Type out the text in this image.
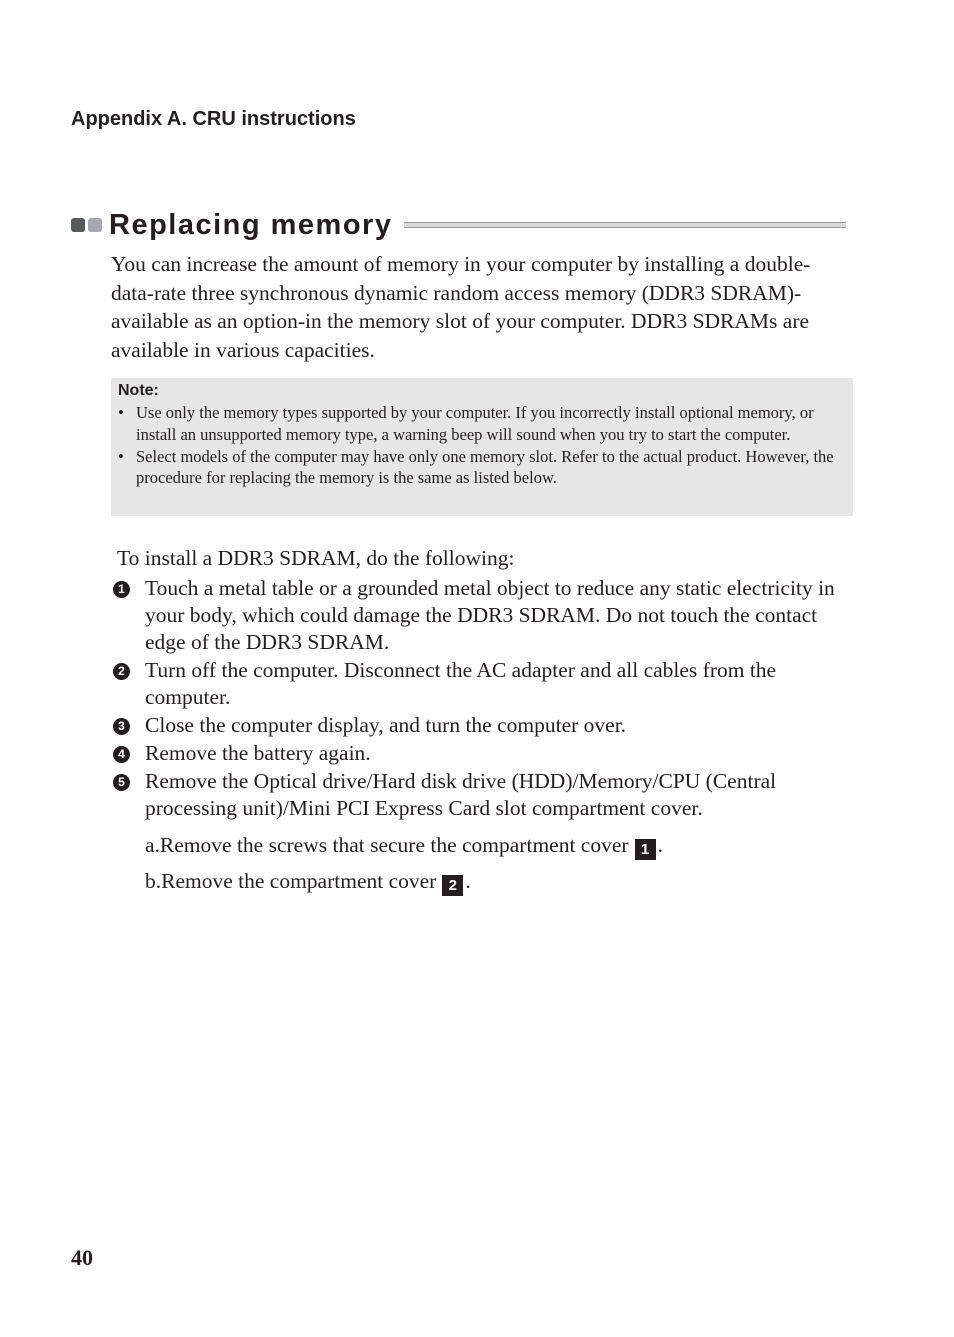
Appendix A. CRU instructions
Replacing memory

You can increase the amount of memory in your computer by installing a double-data-rate three synchronous dynamic random access memory (DDR3 SDRAM)-available as an option-in the memory slot of your computer. DDR3 SDRAMs are available in various capacities.

Note:

• Use only the memory types supported by your computer. If you incorrectly install optional memory, or install an unsupported memory type, a warning beep will sound when you try to start the computer.
• Select models of the computer may have only one memory slot. Refer to the actual product. However, the procedure for replacing the memory is the same as listed below.

To install a DDR3 SDRAM, do the following:

1 Touch a metal table or a grounded metal object to reduce any static electricity in your body, which could damage the DDR3 SDRAM. Do not touch the contact edge of the DDR3 SDRAM.
2 Turn off the computer. Disconnect the AC adapter and all cables from the computer.
3 Close the computer display, and turn the computer over.
4 Remove the battery again.
5 Remove the Optical drive/Hard disk drive (HDD)/Memory/CPU (Central processing unit)/Mini PCI Express Card slot compartment cover.
a.Remove the screws that secure the compartment cover 1 .
b.Remove the compartment cover 2 .

40
